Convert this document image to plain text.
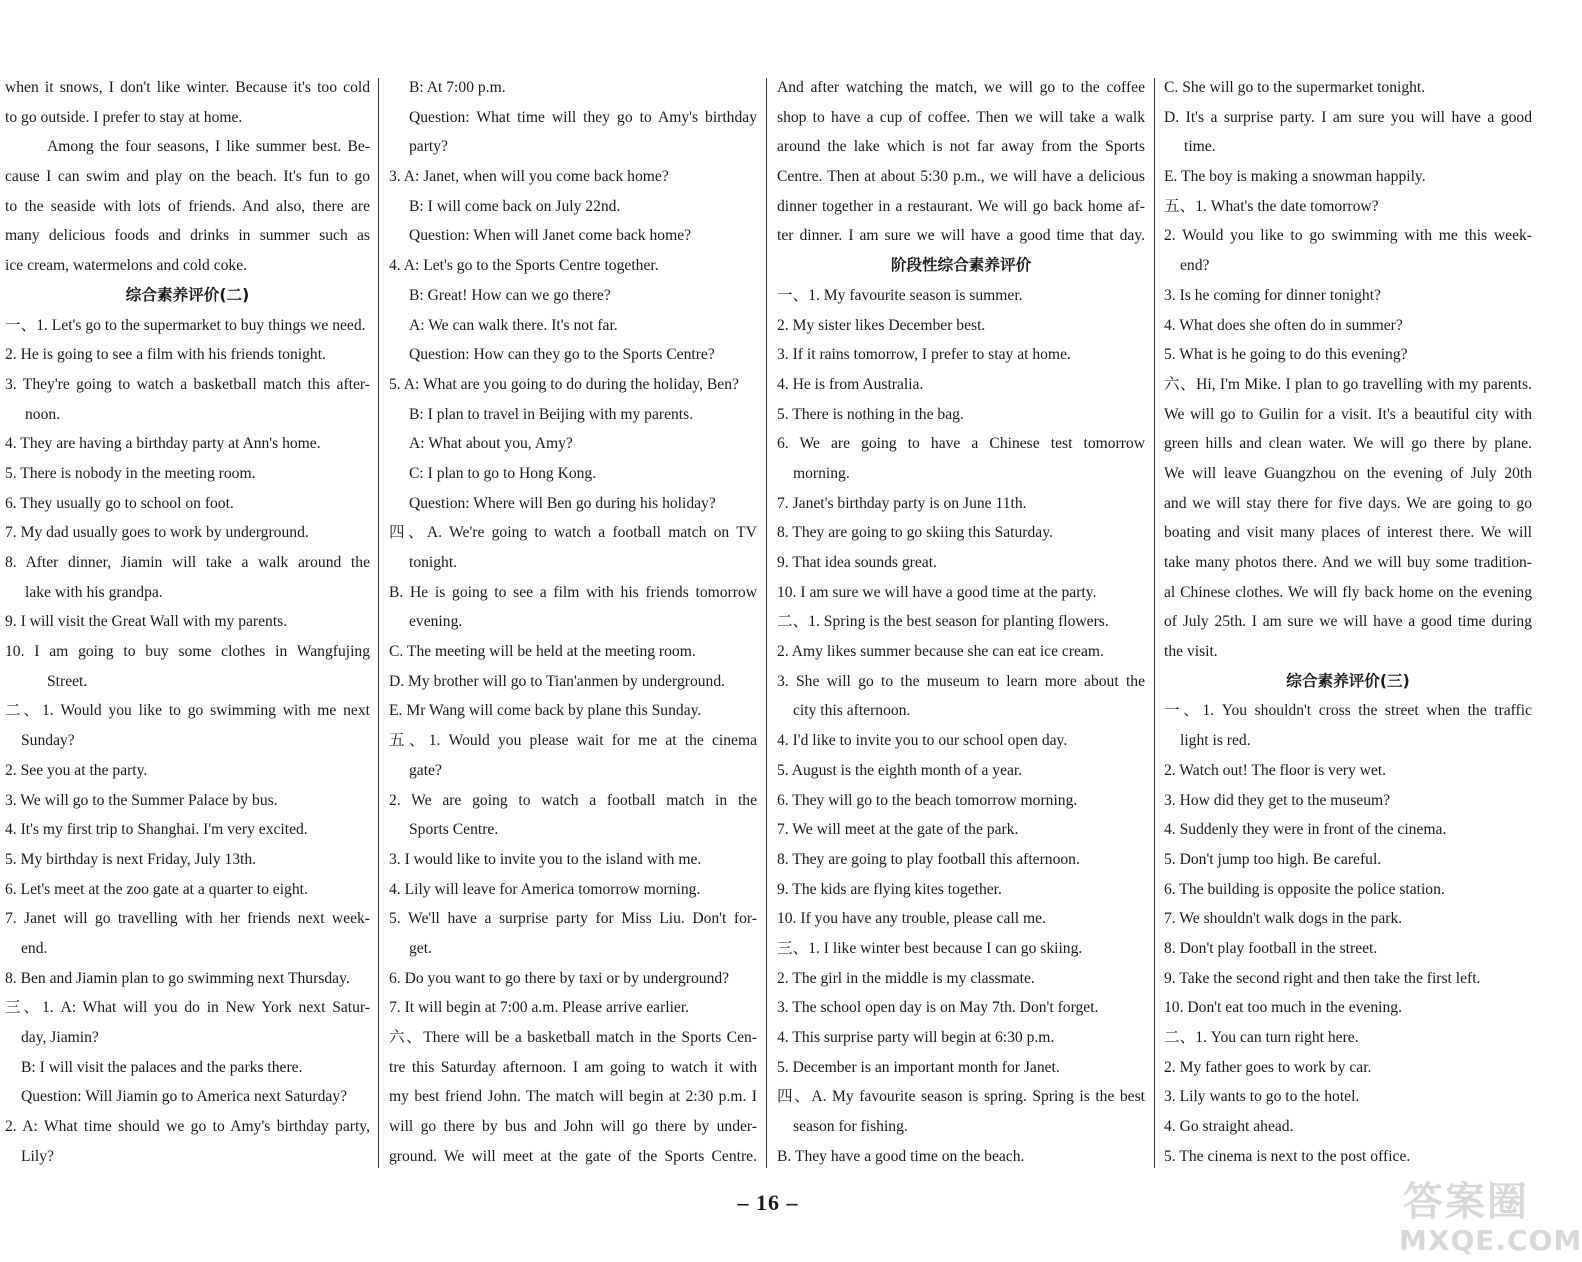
when it snows, I don't like winter. Because it's too cold
to go outside. I prefer to stay at home.
Among the four seasons, I like summer best. Be-
cause I can swim and play on the beach. It's fun to go
to the seaside with lots of friends. And also, there are
many delicious foods and drinks in summer such as
ice cream, watermelons and cold coke.
综合素养评价(二)
一、1. Let's go to the supermarket to buy things we need.
2. He is going to see a film with his friends tonight.
3. They're going to watch a basketball match this after-
noon.
4. They are having a birthday party at Ann's home.
5. There is nobody in the meeting room.
6. They usually go to school on foot.
7. My dad usually goes to work by underground.
8. After dinner, Jiamin will take a walk around the
lake with his grandpa.
9. I will visit the Great Wall with my parents.
10. I am going to buy some clothes in Wangfujing
Street.
二、1. Would you like to go swimming with me next
Sunday?
2. See you at the party.
3. We will go to the Summer Palace by bus.
4. It's my first trip to Shanghai. I'm very excited.
5. My birthday is next Friday, July 13th.
6. Let's meet at the zoo gate at a quarter to eight.
7. Janet will go travelling with her friends next week-
end.
8. Ben and Jiamin plan to go swimming next Thursday.
三、1. A: What will you do in New York next Satur-
day, Jiamin?
B: I will visit the palaces and the parks there.
Question: Will Jiamin go to America next Saturday?
2. A: What time should we go to Amy's birthday party,
Lily?
B: At 7:00 p.m.
Question: What time will they go to Amy's birthday
party?
3. A: Janet, when will you come back home?
B: I will come back on July 22nd.
Question: When will Janet come back home?
4. A: Let's go to the Sports Centre together.
B: Great! How can we go there?
A: We can walk there. It's not far.
Question: How can they go to the Sports Centre?
5. A: What are you going to do during the holiday, Ben?
B: I plan to travel in Beijing with my parents.
A: What about you, Amy?
C: I plan to go to Hong Kong.
Question: Where will Ben go during his holiday?
四、A. We're going to watch a football match on TV
tonight.
B. He is going to see a film with his friends tomorrow
evening.
C. The meeting will be held at the meeting room.
D. My brother will go to Tian'anmen by underground.
E. Mr Wang will come back by plane this Sunday.
五、1. Would you please wait for me at the cinema
gate?
2. We are going to watch a football match in the
Sports Centre.
3. I would like to invite you to the island with me.
4. Lily will leave for America tomorrow morning.
5. We'll have a surprise party for Miss Liu. Don't for-
get.
6. Do you want to go there by taxi or by underground?
7. It will begin at 7:00 a.m. Please arrive earlier.
六、There will be a basketball match in the Sports Cen-
tre this Saturday afternoon. I am going to watch it with
my best friend John. The match will begin at 2:30 p.m. I
will go there by bus and John will go there by under-
ground. We will meet at the gate of the Sports Centre.
And after watching the match, we will go to the coffee
shop to have a cup of coffee. Then we will take a walk
around the lake which is not far away from the Sports
Centre. Then at about 5:30 p.m., we will have a delicious
dinner together in a restaurant. We will go back home af-
ter dinner. I am sure we will have a good time that day.
阶段性综合素养评价
一、1. My favourite season is summer.
2. My sister likes December best.
3. If it rains tomorrow, I prefer to stay at home.
4. He is from Australia.
5. There is nothing in the bag.
6. We are going to have a Chinese test tomorrow
morning.
7. Janet's birthday party is on June 11th.
8. They are going to go skiing this Saturday.
9. That idea sounds great.
10. I am sure we will have a good time at the party.
二、1. Spring is the best season for planting flowers.
2. Amy likes summer because she can eat ice cream.
3. She will go to the museum to learn more about the
city this afternoon.
4. I'd like to invite you to our school open day.
5. August is the eighth month of a year.
6. They will go to the beach tomorrow morning.
7. We will meet at the gate of the park.
8. They are going to play football this afternoon.
9. The kids are flying kites together.
10. If you have any trouble, please call me.
三、1. I like winter best because I can go skiing.
2. The girl in the middle is my classmate.
3. The school open day is on May 7th. Don't forget.
4. This surprise party will begin at 6:30 p.m.
5. December is an important month for Janet.
四、A. My favourite season is spring. Spring is the best
season for fishing.
B. They have a good time on the beach.
C. She will go to the supermarket tonight.
D. It's a surprise party. I am sure you will have a good
time.
E. The boy is making a snowman happily.
五、1. What's the date tomorrow?
2. Would you like to go swimming with me this week-
end?
3. Is he coming for dinner tonight?
4. What does she often do in summer?
5. What is he going to do this evening?
六、Hi, I'm Mike. I plan to go travelling with my parents.
We will go to Guilin for a visit. It's a beautiful city with
green hills and clean water. We will go there by plane.
We will leave Guangzhou on the evening of July 20th
and we will stay there for five days. We are going to go
boating and visit many places of interest there. We will
take many photos there. And we will buy some tradition-
al Chinese clothes. We will fly back home on the evening
of July 25th. I am sure we will have a good time during
the visit.
综合素养评价(三)
一、1. You shouldn't cross the street when the traffic
light is red.
2. Watch out! The floor is very wet.
3. How did they get to the museum?
4. Suddenly they were in front of the cinema.
5. Don't jump too high. Be careful.
6. The building is opposite the police station.
7. We shouldn't walk dogs in the park.
8. Don't play football in the street.
9. Take the second right and then take the first left.
10. Don't eat too much in the evening.
二、1. You can turn right here.
2. My father goes to work by car.
3. Lily wants to go to the hotel.
4. Go straight ahead.
5. The cinema is next to the post office.
– 16 –	答案圈
MXQE.COM
